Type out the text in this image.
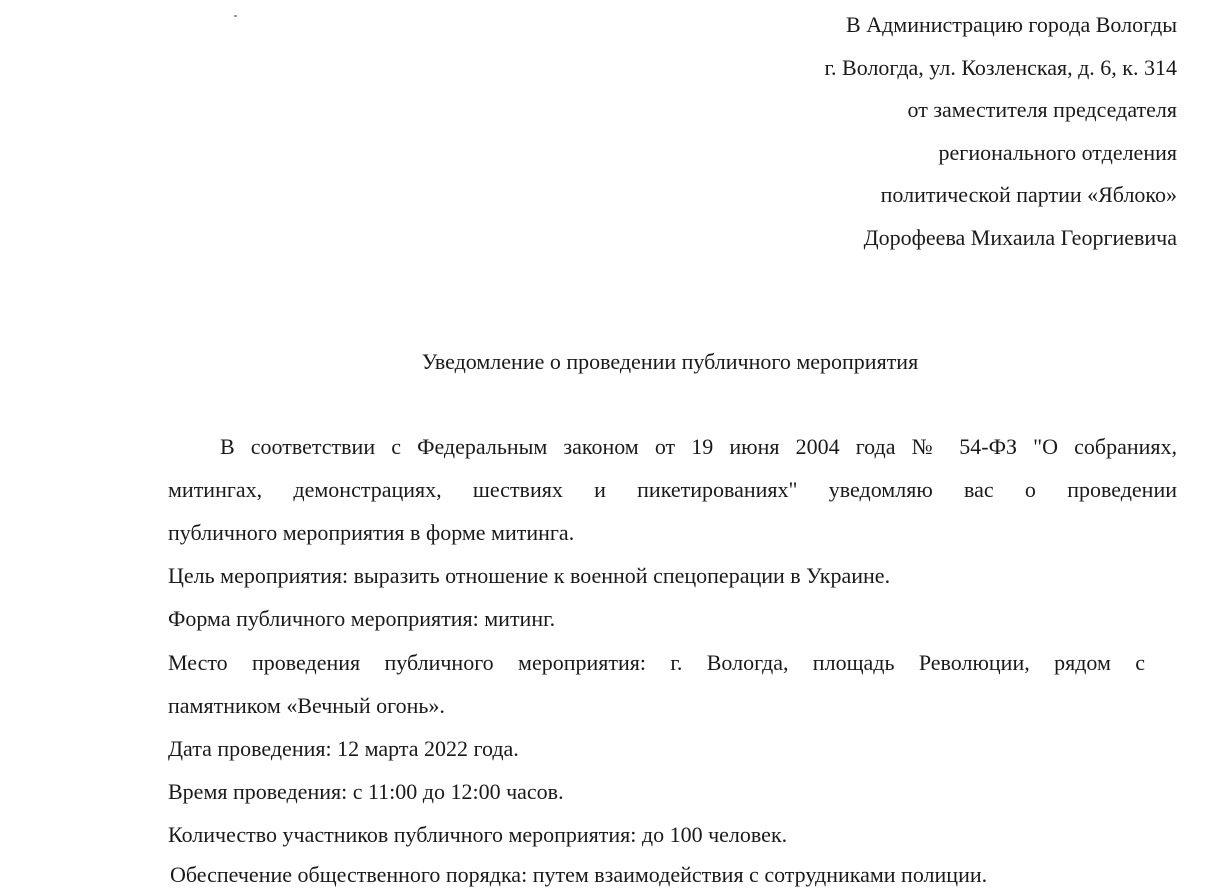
В Администрацию города Вологды
г. Вологда, ул. Козленская, д. 6, к. 314
от заместителя председателя
регионального отделения
политической партии «Яблоко»
Дорофеева Михаила Георгиевича
Уведомление о проведении публичного мероприятия
В соответствии с Федеральным законом от 19 июня 2004 года № 54-ФЗ "О собраниях,
митингах, демонстрациях, шествиях и пикетированиях" уведомляю вас о проведении
публичного мероприятия в форме митинга.
Цель мероприятия: выразить отношение к военной спецоперации в Украине.
Форма публичного мероприятия: митинг.
Место проведения публичного мероприятия: г. Вологда, площадь Революции, рядом с
памятником «Вечный огонь».
Дата проведения: 12 марта 2022 года.
Время проведения: с 11:00 до 12:00 часов.
Количество участников публичного мероприятия: до 100 человек.
Обеспечение общественного порядка: путем взаимодействия с сотрудниками полиции.
